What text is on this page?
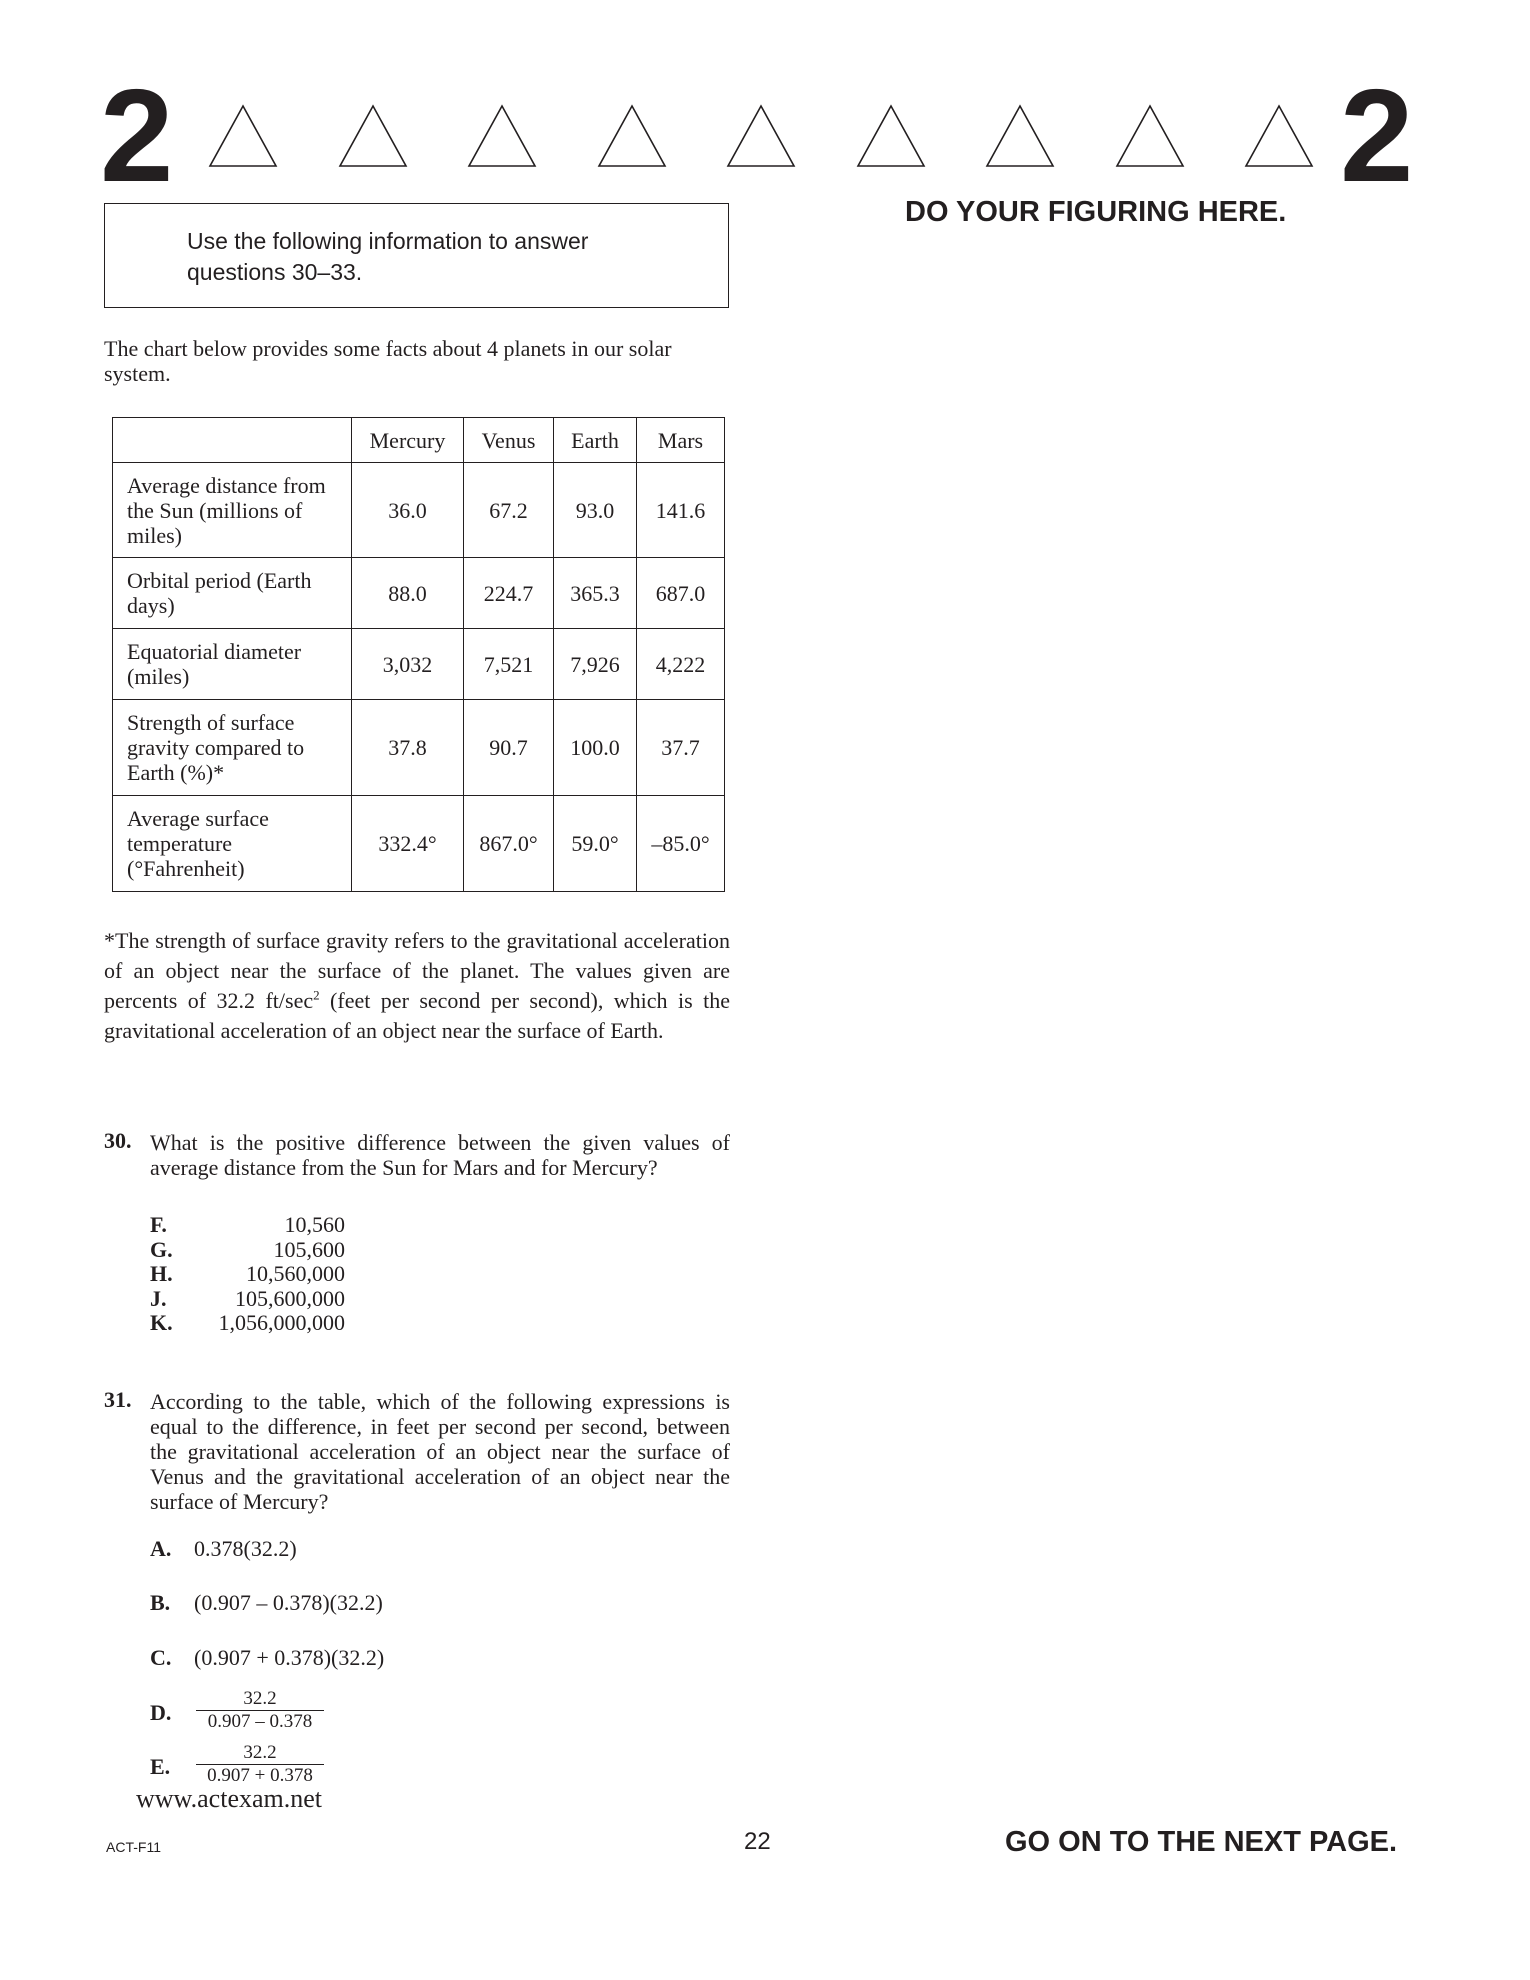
2	2
DO YOUR FIGURING HERE.
Use the following information to answer questions 30–33.
The chart below provides some facts about 4 planets in our solar system.
	Mercury	Venus	Earth	Mars
Average distance from the Sun (millions of miles)	36.0	67.2	93.0	141.6
Orbital period (Earth days)	88.0	224.7	365.3	687.0
Equatorial diameter (miles)	3,032	7,521	7,926	4,222
Strength of surface gravity compared to Earth (%)*	37.8	90.7	100.0	37.7
Average surface temperature (°Fahrenheit)	332.4°	867.0°	59.0°	–85.0°
*The strength of surface gravity refers to the gravitational acceleration of an object near the surface of the planet. The values given are percents of 32.2 $ft/\sec^2$ (feet per second per second), which is the gravitational acceleration of an object near the surface of Earth.
30. What is the positive difference between the given values of average distance from the Sun for Mars and for Mercury?
F.	10,560
G.	105,600
H.	10,560,000
J.	105,600,000
K.	1,056,000,000
31. According to the table, which of the following expressions is equal to the difference, in feet per second per second, between the gravitational acceleration of an object near the surface of Venus and the gravitational acceleration of an object near the surface of Mercury?
A. 0.378(32.2)
B. (0.907 – 0.378)(32.2)
C. (0.907 + 0.378)(32.2)
D. $\frac{32.2}{0.907 - 0.378}$
E. $\frac{32.2}{0.907 + 0.378}$
www.actexam.net
ACT-F11	22	GO ON TO THE NEXT PAGE.
